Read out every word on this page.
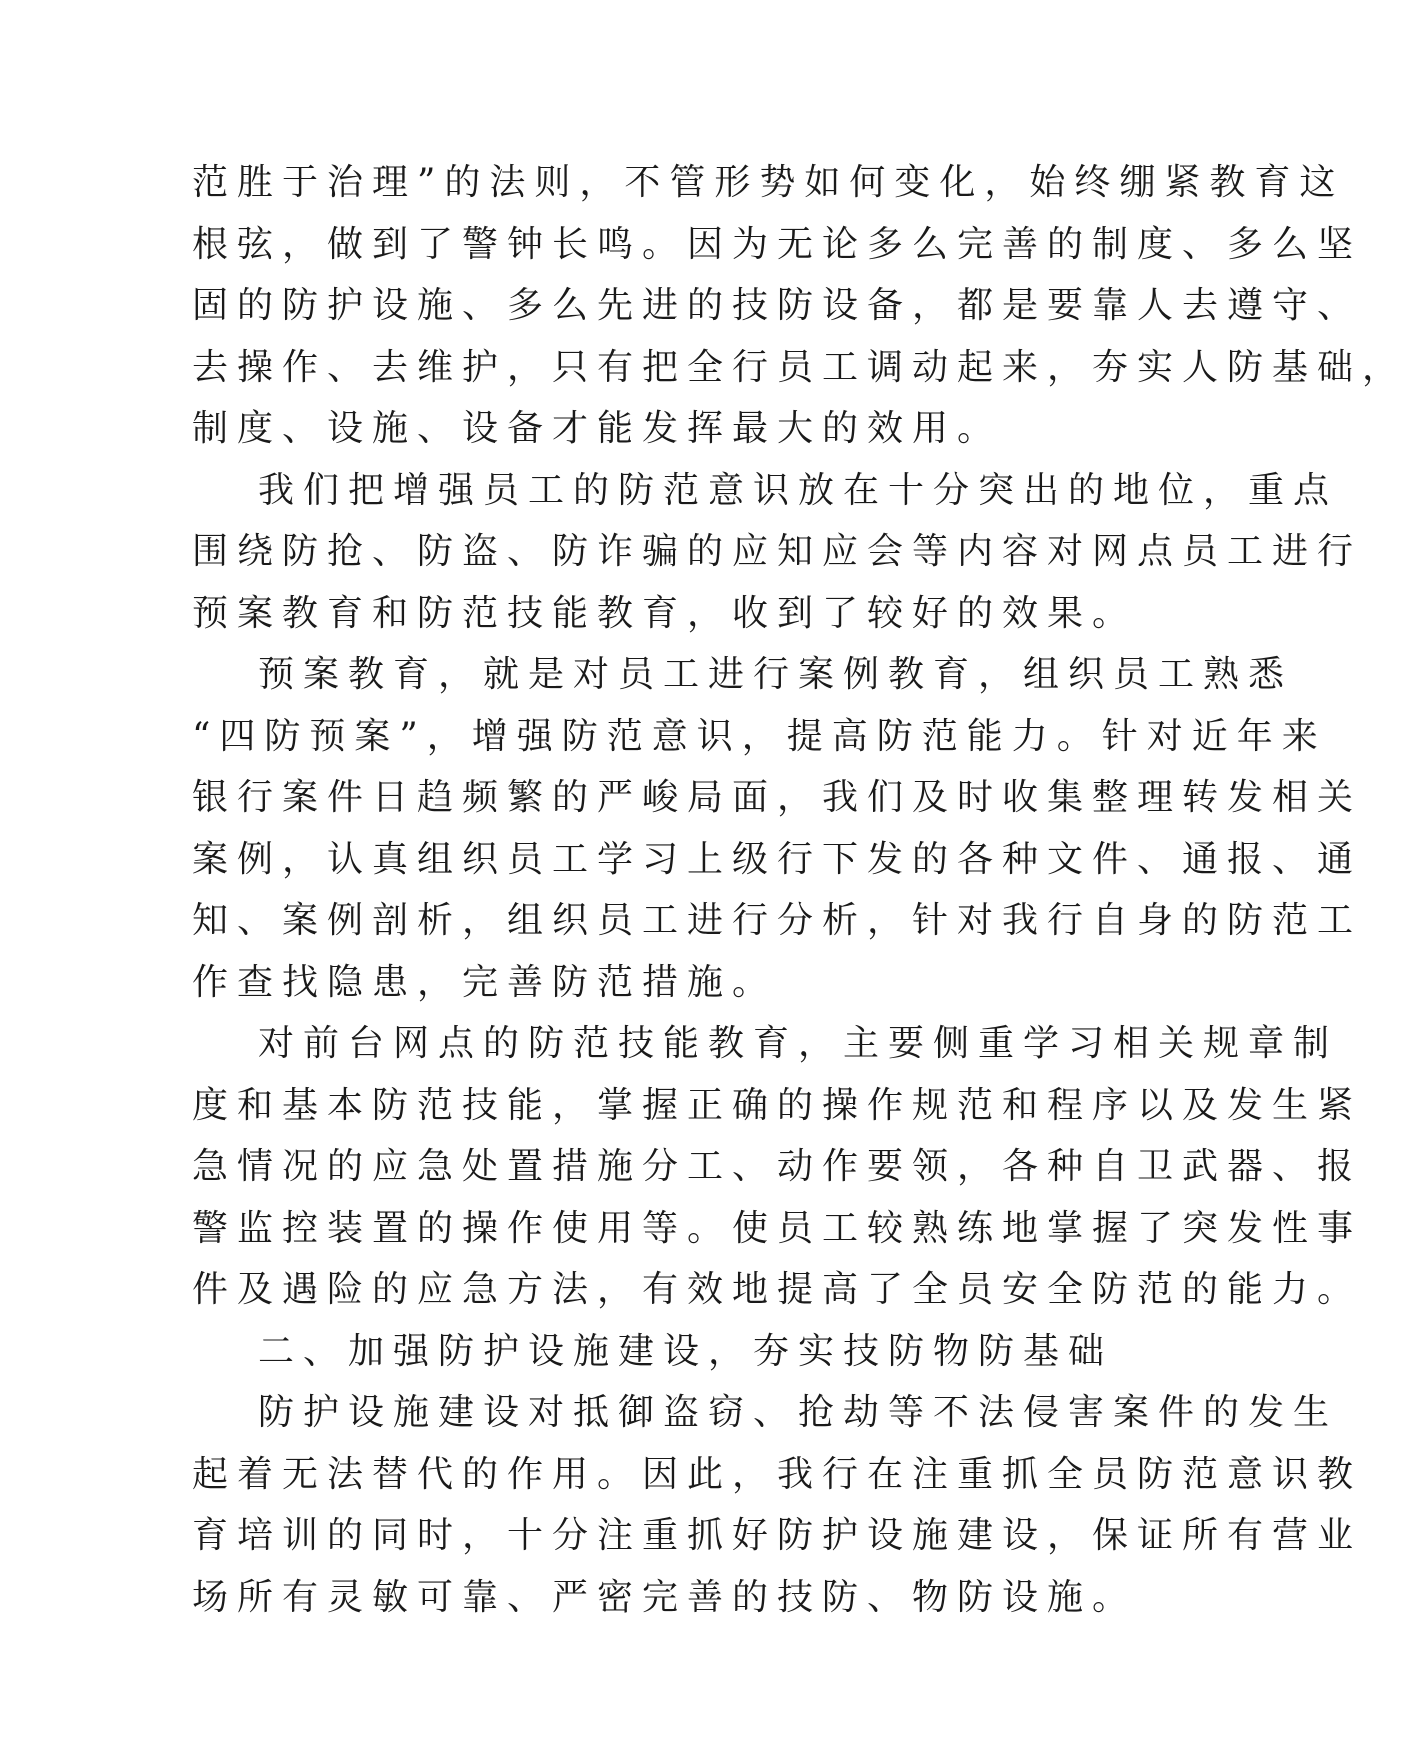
范胜于治理”的法则，不管形势如何变化，始终绷紧教育这
根弦，做到了警钟长鸣。因为无论多么完善的制度、多么坚
固的防护设施、多么先进的技防设备，都是要靠人去遵守、
去操作、去维护，只有把全行员工调动起来，夯实人防基础，
制度、设施、设备才能发挥最大的效用。
我们把增强员工的防范意识放在十分突出的地位，重点
围绕防抢、防盗、防诈骗的应知应会等内容对网点员工进行
预案教育和防范技能教育，收到了较好的效果。
预案教育，就是对员工进行案例教育，组织员工熟悉
“四防预案”，增强防范意识，提高防范能力。针对近年来
银行案件日趋频繁的严峻局面，我们及时收集整理转发相关
案例，认真组织员工学习上级行下发的各种文件、通报、通
知、案例剖析，组织员工进行分析，针对我行自身的防范工
作查找隐患，完善防范措施。
对前台网点的防范技能教育，主要侧重学习相关规章制
度和基本防范技能，掌握正确的操作规范和程序以及发生紧
急情况的应急处置措施分工、动作要领，各种自卫武器、报
警监控装置的操作使用等。使员工较熟练地掌握了突发性事
件及遇险的应急方法，有效地提高了全员安全防范的能力。
二、加强防护设施建设，夯实技防物防基础
防护设施建设对抵御盗窃、抢劫等不法侵害案件的发生
起着无法替代的作用。因此，我行在注重抓全员防范意识教
育培训的同时，十分注重抓好防护设施建设，保证所有营业
场所有灵敏可靠、严密完善的技防、物防设施。
